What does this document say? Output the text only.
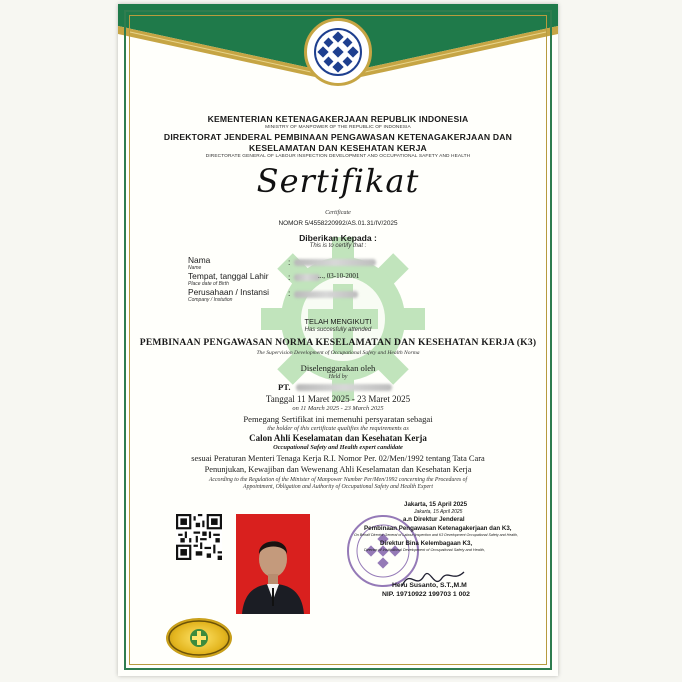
KEMENTERIAN KETENAGAKERJAAN REPUBLIK INDONESIA
MINISTRY OF MANPOWER OF THE REPUBLIC OF INDONESIA
DIREKTORAT JENDERAL PEMBINAAN PENGAWASAN KETENAGAKERJAAN DAN
KESELAMATAN DAN KESEHATAN KERJA
DIRECTORATE GENERAL OF LABOUR INSPECTION DEVELOPMENT AND OCCUPATIONAL SAFETY AND HEALTH
Sertifikat
Certificate
NOMOR 5/4558220992/AS.01.31/IV/2025
Diberikan Kepada :
This is to certify that :
Nama
Name
:
Tempat, tanggal Lahir
Place date of Birth
:	..., 03-10-2001
Perusahaan / Instansi
Company / Instution
:
TELAH MENGIKUTI
Has succesfully attended
PEMBINAAN PENGAWASAN NORMA KESELAMATAN DAN KESEHATAN KERJA (K3)
The Supervision Development of Occupational Safety and Health Norma
Diselenggarakan oleh
Held by
PT.
Tanggal 11 Maret 2025 - 23 Maret 2025
on 11 March 2025 - 23 March 2025
Pemegang Sertifikat ini memenuhi persyaratan sebagai
the holder of this certificate qualifies the requirements as
Calon Ahli Keselamatan dan Kesehatan Kerja
Occupational Safety and Health expert candidate
sesuai Peraturan Menteri Tenaga Kerja R.I. Nomor Per. 02/Men/1992 tentang Tata Cara
Penunjukan, Kewajiban dan Wewenang Ahli Keselamatan dan Kesehatan Kerja
According to the Regulation of the Minister of Manpower Number Per/Men/1992 concerning the Procedures of
Appointment, Obligation and Authority of Occupational Safety and Health Expert
Jakarta, 15 April 2025
Jakarta, 15 April 2025
a.n Direktur Jenderal
Pembinaan Pengawasan Ketenagakerjaan dan K3,
On Behalf Director General of Labour Inspection and K3 Development Occupational Safety and Health,
Direktur Bina Kelembagaan K3,
Director of Institutional Development of Occupational Safety and Health,
Heru Susanto, S.T.,M.M
NIP. 19710922 199703 1 002
